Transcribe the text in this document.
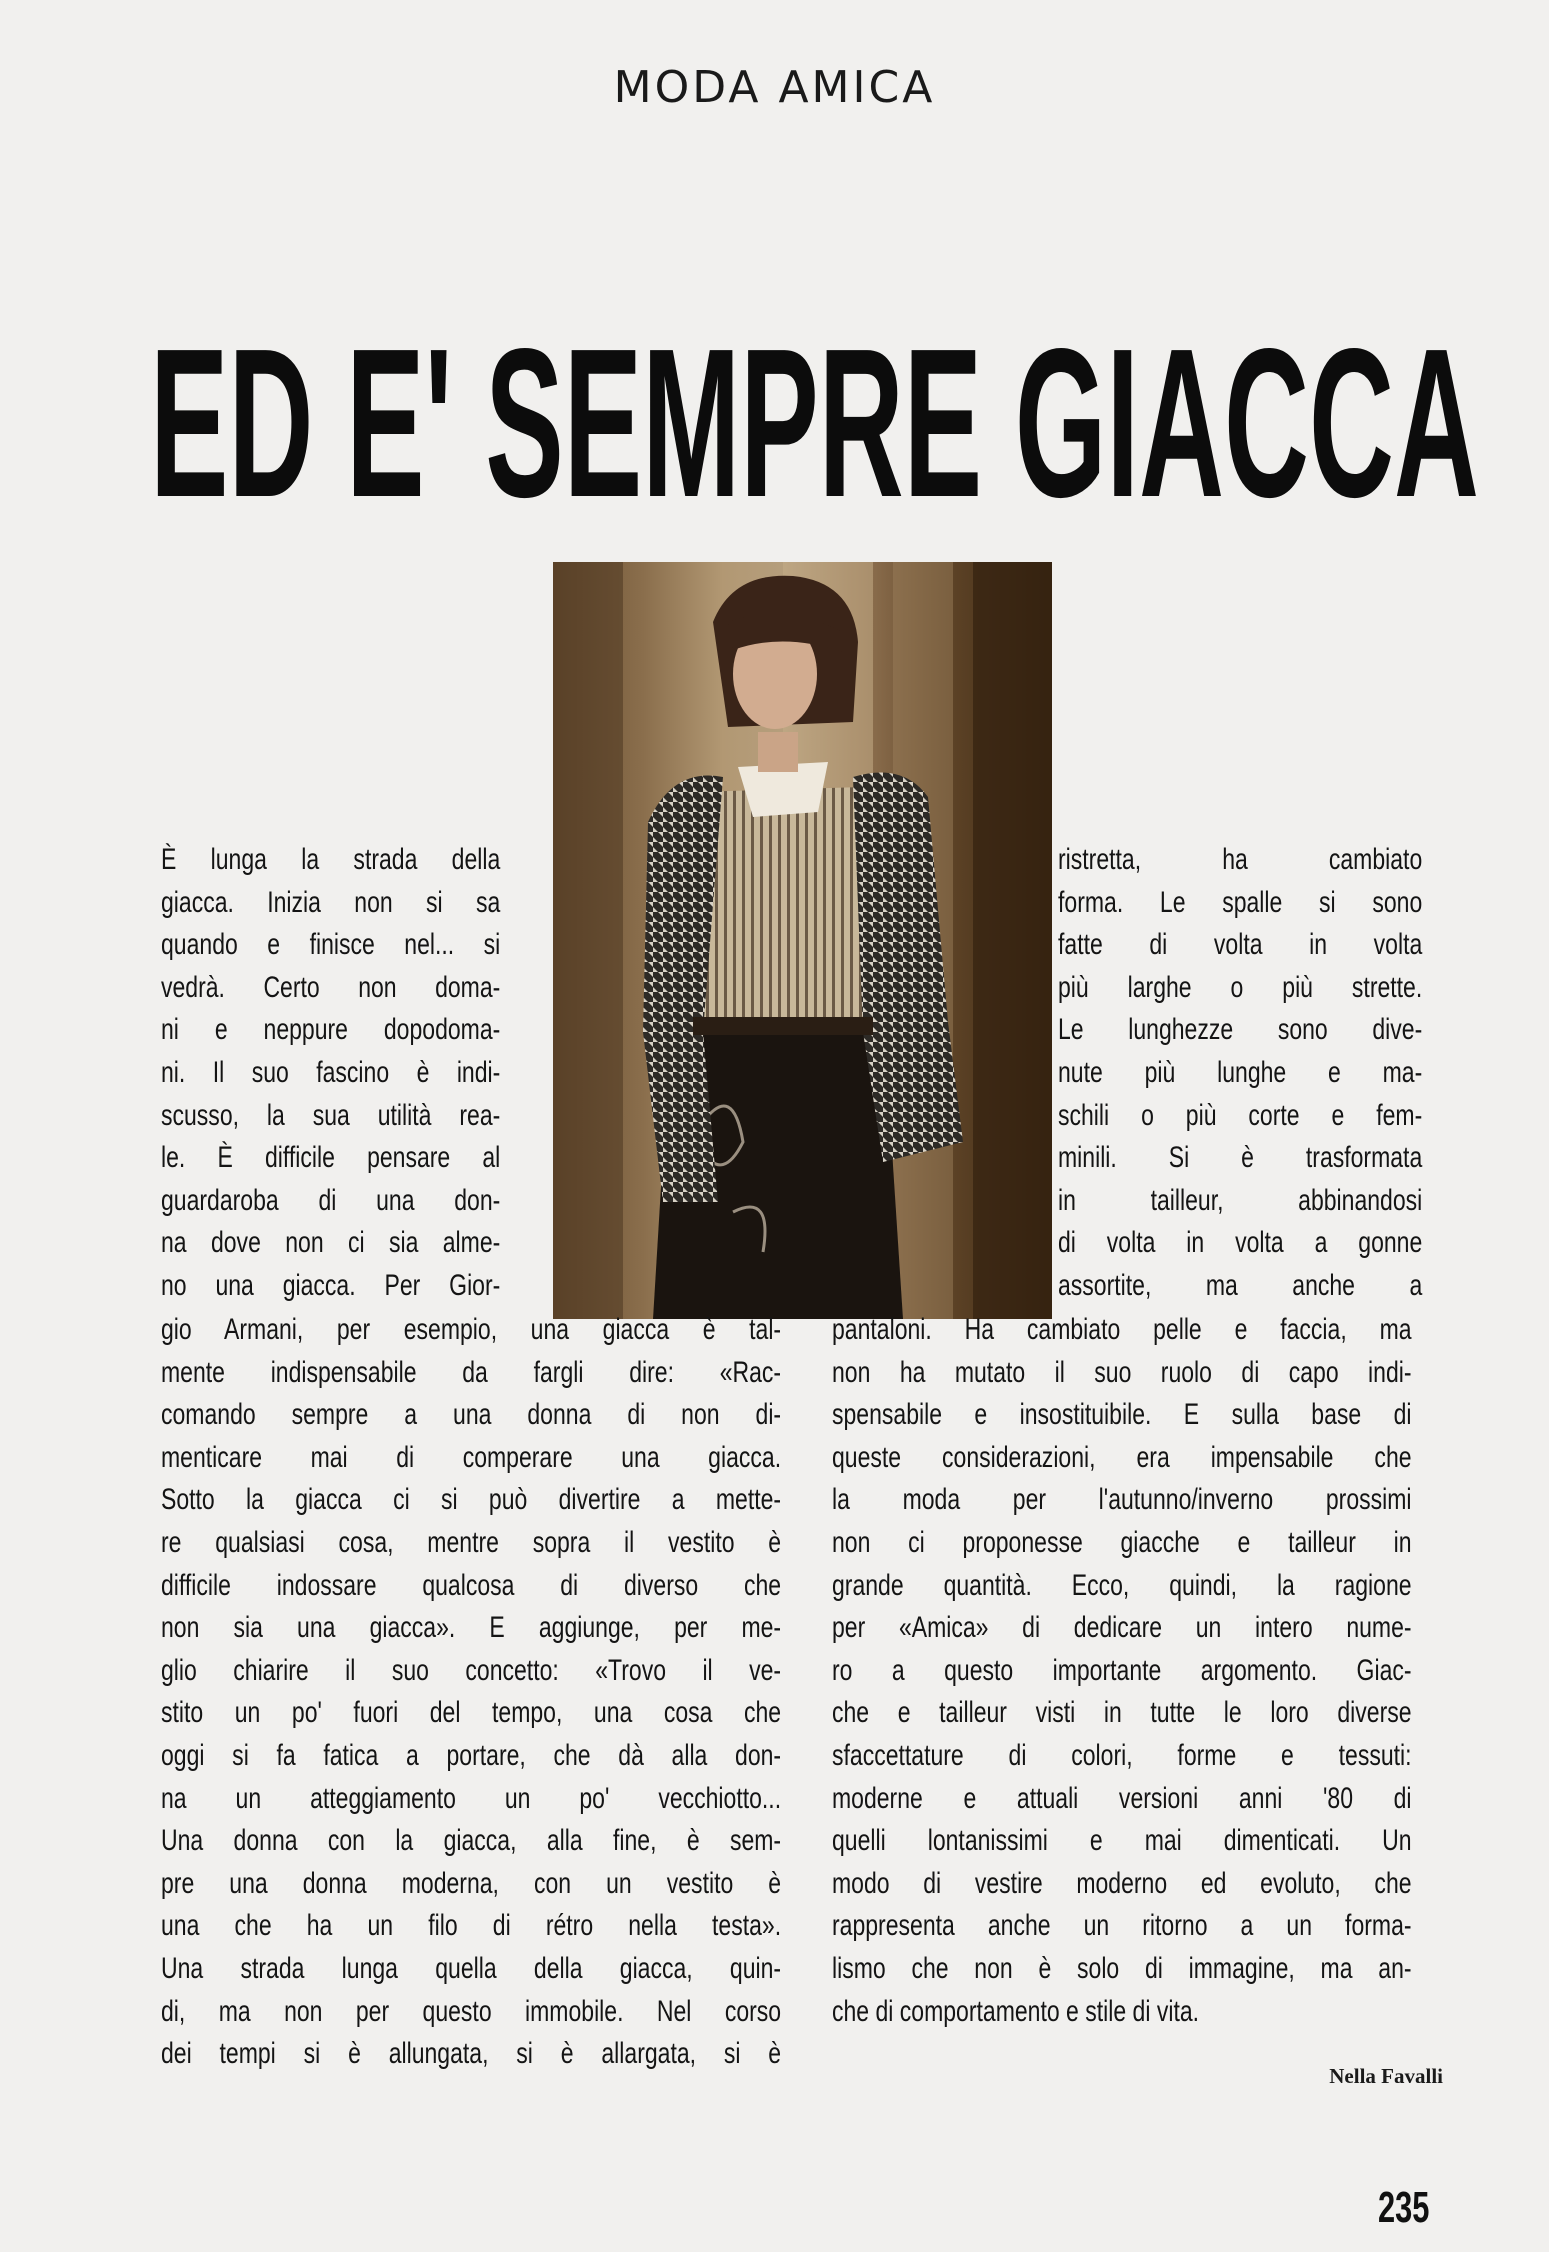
MODA AMICA
ED E' SEMPRE GIACCA
È lunga la strada della
giacca. Inizia non si sa
quando e finisce nel... si
vedrà. Certo non doma-
ni e neppure dopodoma-
ni. Il suo fascino è indi-
scusso, la sua utilità rea-
le. È difficile pensare al
guardaroba di una don-
na dove non ci sia alme-
no una giacca. Per Gior-
gio Armani, per esempio, una giacca è tal-
mente indispensabile da fargli dire: «Rac-
comando sempre a una donna di non di-
menticare mai di comperare una giacca.
Sotto la giacca ci si può divertire a mette-
re qualsiasi cosa, mentre sopra il vestito è
difficile indossare qualcosa di diverso che
non sia una giacca». E aggiunge, per me-
glio chiarire il suo concetto: «Trovo il ve-
stito un po' fuori del tempo, una cosa che
oggi si fa fatica a portare, che dà alla don-
na un atteggiamento un po' vecchiotto...
Una donna con la giacca, alla fine, è sem-
pre una donna moderna, con un vestito è
una che ha un filo di rétro nella testa».
Una strada lunga quella della giacca, quin-
di, ma non per questo immobile. Nel corso
dei tempi si è allungata, si è allargata, si è
ristretta, ha cambiato
forma. Le spalle si sono
fatte di volta in volta
più larghe o più strette.
Le lunghezze sono dive-
nute più lunghe e ma-
schili o più corte e fem-
minili. Si è trasformata
in tailleur, abbinandosi
di volta in volta a gonne
assortite, ma anche a
pantaloni. Ha cambiato pelle e faccia, ma
non ha mutato il suo ruolo di capo indi-
spensabile e insostituibile. E sulla base di
queste considerazioni, era impensabile che
la moda per l'autunno/inverno prossimi
non ci proponesse giacche e tailleur in
grande quantità. Ecco, quindi, la ragione
per «Amica» di dedicare un intero nume-
ro a questo importante argomento. Giac-
che e tailleur visti in tutte le loro diverse
sfaccettature di colori, forme e tessuti:
moderne e attuali versioni anni '80 di
quelli lontanissimi e mai dimenticati. Un
modo di vestire moderno ed evoluto, che
rappresenta anche un ritorno a un forma-
lismo che non è solo di immagine, ma an-
che di comportamento e stile di vita.
Nella Favalli
235
